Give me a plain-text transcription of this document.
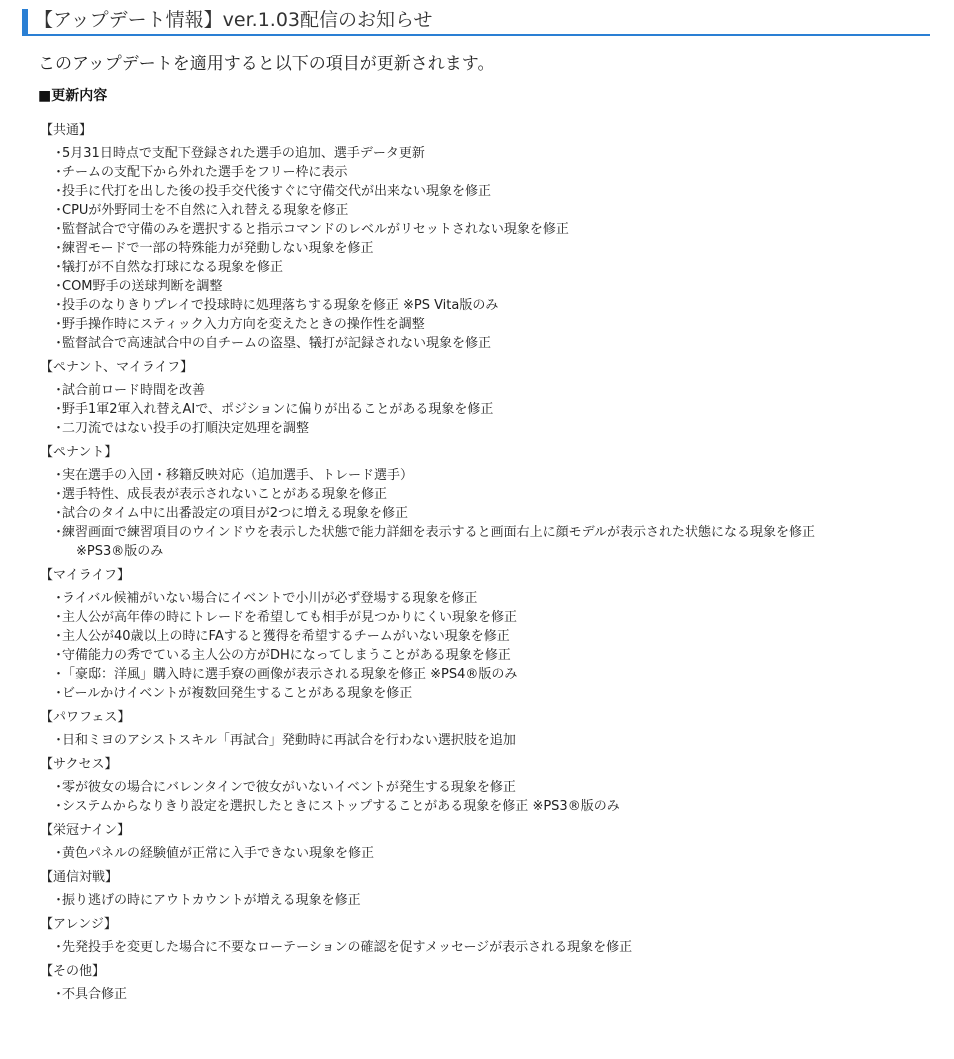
【アップデート情報】ver.1.03配信のお知らせ
このアップデートを適用すると以下の項目が更新されます。
■更新内容
【共通】
・
5月31日時点で支配下登録された選手の追加、選手データ更新
・
チームの支配下から外れた選手をフリー枠に表示
・
投手に代打を出した後の投手交代後すぐに守備交代が出来ない現象を修正
・
CPUが外野同士を不自然に入れ替える現象を修正
・
監督試合で守備のみを選択すると指示コマンドのレベルがリセットされない現象を修正
・
練習モードで一部の特殊能力が発動しない現象を修正
・
犠打が不自然な打球になる現象を修正
・
COM野手の送球判断を調整
・
投手のなりきりプレイで投球時に処理落ちする現象を修正 ※PS Vita版のみ
・
野手操作時にスティック入力方向を変えたときの操作性を調整
・
監督試合で高速試合中の自チームの盗塁、犠打が記録されない現象を修正
【ペナント、マイライフ】
・
試合前ロード時間を改善
・
野手1軍2軍入れ替えAIで、ポジションに偏りが出ることがある現象を修正
・
二刀流ではない投手の打順決定処理を調整
【ペナント】
・
実在選手の入団・移籍反映対応（追加選手、トレード選手）
・
選手特性、成長表が表示されないことがある現象を修正
・
試合のタイム中に出番設定の項目が2つに増える現象を修正
・
練習画面で練習項目のウインドウを表示した状態で能力詳細を表示すると画面右上に顔モデルが表示された状態になる現象を修正
※PS3®版のみ
【マイライフ】
・
ライバル候補がいない場合にイベントで小川が必ず登場する現象を修正
・
主人公が高年俸の時にトレードを希望しても相手が見つかりにくい現象を修正
・
主人公が40歳以上の時にFAすると獲得を希望するチームがいない現象を修正
・
守備能力の秀でている主人公の方がDHになってしまうことがある現象を修正
・
「豪邸：洋風」購入時に選手寮の画像が表示される現象を修正 ※PS4®版のみ
・
ビールかけイベントが複数回発生することがある現象を修正
【パワフェス】
・
日和ミヨのアシストスキル「再試合」発動時に再試合を行わない選択肢を追加
【サクセス】
・
零が彼女の場合にバレンタインで彼女がいないイベントが発生する現象を修正
・
システムからなりきり設定を選択したときにストップすることがある現象を修正 ※PS3®版のみ
【栄冠ナイン】
・
黄色パネルの経験値が正常に入手できない現象を修正
【通信対戦】
・
振り逃げの時にアウトカウントが増える現象を修正
【アレンジ】
・
先発投手を変更した場合に不要なローテーションの確認を促すメッセージが表示される現象を修正
【その他】
・
不具合修正
